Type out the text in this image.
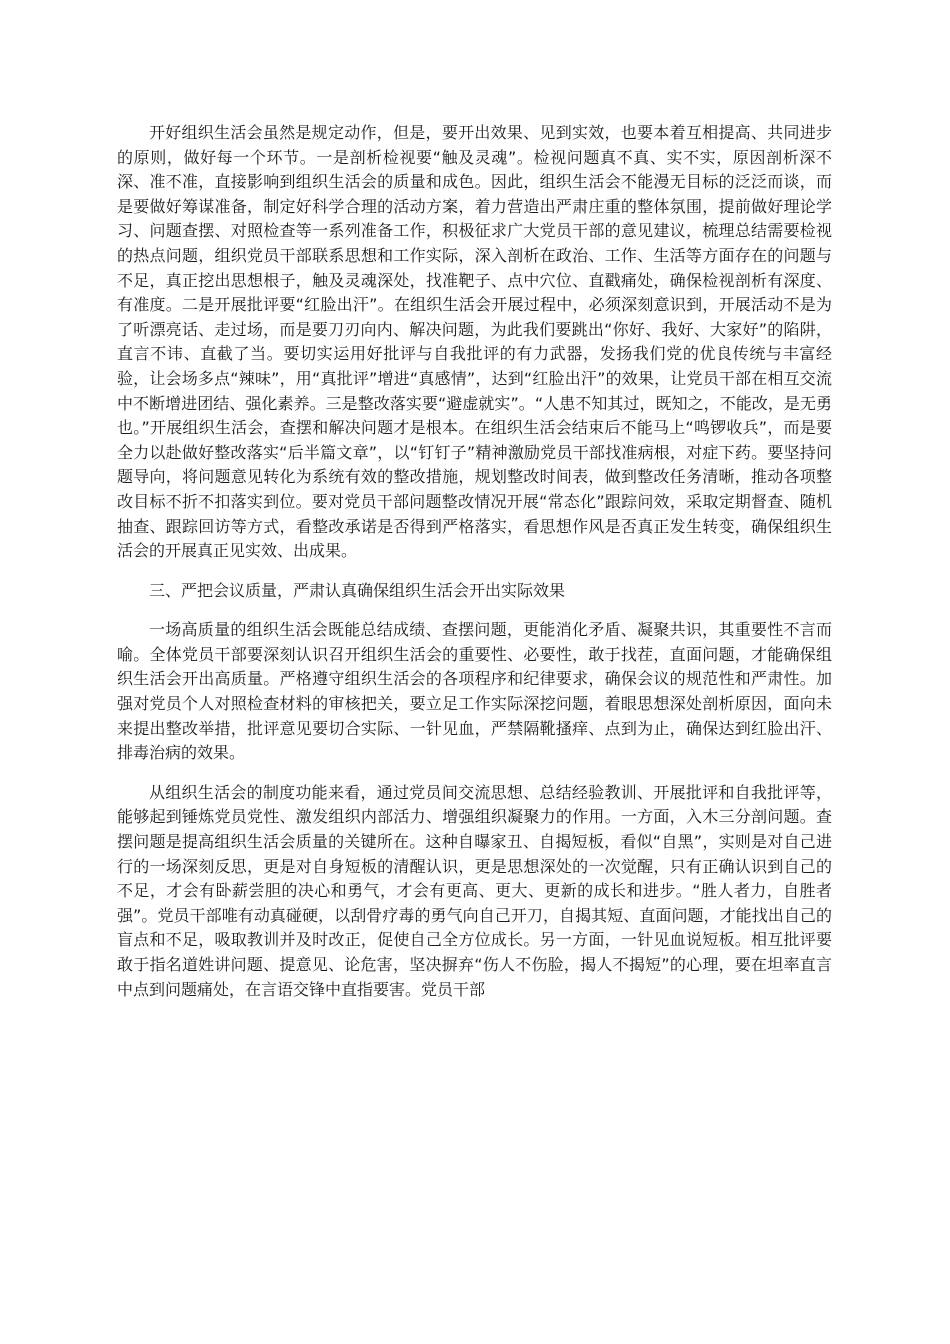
开好组织生活会虽然是规定动作，但是，要开出效果、见到实效，也要本着互相提高、共同进步的原则，做好每一个环节。一是剖析检视要“触及灵魂”。检视问题真不真、实不实，原因剖析深不深、准不准，直接影响到组织生活会的质量和成色。因此，组织生活会不能漫无目标的泛泛而谈，而是要做好筹谋准备，制定好科学合理的活动方案，着力营造出严肃庄重的整体氛围，提前做好理论学习、问题查摆、对照检查等一系列准备工作，积极征求广大党员干部的意见建议，梳理总结需要检视的热点问题，组织党员干部联系思想和工作实际，深入剖析在政治、工作、生活等方面存在的问题与不足，真正挖出思想根子，触及灵魂深处，找准靶子、点中穴位、直戳痛处，确保检视剖析有深度、有准度。二是开展批评要“红脸出汗”。在组织生活会开展过程中，必须深刻意识到，开展活动不是为了听漂亮话、走过场，而是要刀刃向内、解决问题，为此我们要跳出“你好、我好、大家好”的陷阱，直言不讳、直截了当。要切实运用好批评与自我批评的有力武器，发扬我们党的优良传统与丰富经验，让会场多点“辣味”，用“真批评”增进“真感情”，达到“红脸出汗”的效果，让党员干部在相互交流中不断增进团结、强化素养。三是整改落实要“避虚就实”。“人患不知其过，既知之，不能改，是无勇也。”开展组织生活会，查摆和解决问题才是根本。在组织生活会结束后不能马上“鸣锣收兵”，而是要全力以赴做好整改落实“后半篇文章”，以“钉钉子”精神激励党员干部找准病根，对症下药。要坚持问题导向，将问题意见转化为系统有效的整改措施，规划整改时间表，做到整改任务清晰，推动各项整改目标不折不扣落实到位。要对党员干部问题整改情况开展“常态化”跟踪问效，采取定期督查、随机抽查、跟踪回访等方式，看整改承诺是否得到严格落实，看思想作风是否真正发生转变，确保组织生活会的开展真正见实效、出成果。

三、严把会议质量，严肃认真确保组织生活会开出实际效果

一场高质量的组织生活会既能总结成绩、查摆问题，更能消化矛盾、凝聚共识，其重要性不言而喻。全体党员干部要深刻认识召开组织生活会的重要性、必要性，敢于找茬，直面问题，才能确保组织生活会开出高质量。严格遵守组织生活会的各项程序和纪律要求，确保会议的规范性和严肃性。加强对党员个人对照检查材料的审核把关，要立足工作实际深挖问题，着眼思想深处剖析原因，面向未来提出整改举措，批评意见要切合实际、一针见血，严禁隔靴搔痒、点到为止，确保达到红脸出汗、排毒治病的效果。

从组织生活会的制度功能来看，通过党员间交流思想、总结经验教训、开展批评和自我批评等，能够起到锤炼党员党性、激发组织内部活力、增强组织凝聚力的作用。一方面，入木三分剖问题。查摆问题是提高组织生活会质量的关键所在。这种自曝家丑、自揭短板，看似“自黑”，实则是对自己进行的一场深刻反思，更是对自身短板的清醒认识，更是思想深处的一次觉醒，只有正确认识到自己的不足，才会有卧薪尝胆的决心和勇气，才会有更高、更大、更新的成长和进步。“胜人者力，自胜者强”。党员干部唯有动真碰硬，以刮骨疗毒的勇气向自己开刀，自揭其短、直面问题，才能找出自己的盲点和不足，吸取教训并及时改正，促使自己全方位成长。另一方面，一针见血说短板。相互批评要敢于指名道姓讲问题、提意见、论危害，坚决摒弃“伤人不伤脸，揭人不揭短”的心理，要在坦率直言中点到问题痛处，在言语交锋中直指要害。党员干部
